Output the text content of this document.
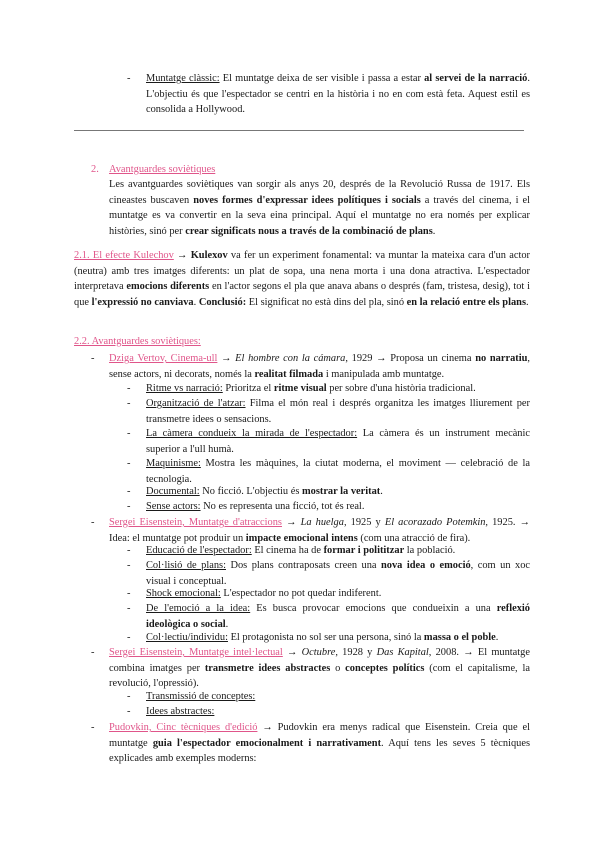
- Muntatge clàssic: El muntatge deixa de ser visible i passa a estar al servei de la narració. L'objectiu és que l'espectador se centri en la història i no en com està feta. Aquest estil es consolida a Hollywood.
2. Avantguardes soviètiques
Les avantguardes soviètiques van sorgir als anys 20, després de la Revolució Russa de 1917. Els cineastes buscaven noves formes d'expressar idees polítiques i socials a través del cinema, i el muntatge es va convertir en la seva eina principal. Aquí el muntatge no era només per explicar històries, sinó per crear significats nous a través de la combinació de plans.
2.1. El efecte Kulechov → Kulexov va fer un experiment fonamental: va muntar la mateixa cara d'un actor (neutra) amb tres imatges diferents: un plat de sopa, una nena morta i una dona atractiva. L'espectador interpretava emocions diferents en l'actor segons el pla que anava abans o després (fam, tristesa, desig), tot i que l'expressió no canviava. Conclusió: El significat no està dins del pla, sinó en la relació entre els plans.
2.2. Avantguardes soviètiques:
- Dziga Vertov, Cinema-ull → El hombre con la cámara, 1929 → Proposa un cinema no narratiu, sense actors, ni decorats, només la realitat filmada i manipulada amb muntatge.
- Ritme vs narració: Prioritza el ritme visual per sobre d'una història tradicional.
- Organització de l'atzar: Filma el món real i després organitza les imatges lliurement per transmetre idees o sensacions.
- La càmera condueix la mirada de l'espectador: La càmera és un instrument mecànic superior a l'ull humà.
- Maquinisme: Mostra les màquines, la ciutat moderna, el moviment — celebració de la tecnologia.
- Documental: No ficció. L'objectiu és mostrar la veritat.
- Sense actors: No es representa una ficció, tot és real.
- Sergei Eisenstein, Muntatge d'atraccions → La huelga, 1925 y El acorazado Potemkin, 1925. → Idea: el muntatge pot produir un impacte emocional intens (com una atracció de fira).
- Educació de l'espectador: El cinema ha de formar i polititzar la població.
- Col·lisió de plans: Dos plans contraposats creen una nova idea o emoció, com un xoc visual i conceptual.
- Shock emocional: L'espectador no pot quedar indiferent.
- De l'emoció a la idea: Es busca provocar emocions que condueixin a una reflexió ideològica o social.
- Col·lectiu/individu: El protagonista no sol ser una persona, sinó la massa o el poble.
- Sergei Eisenstein, Muntatge intel·lectual → Octubre, 1928 y Das Kapital, 2008. → El muntatge combina imatges per transmetre idees abstractes o conceptes polítics (com el capitalisme, la revolució, l'opressió).
- Transmissió de conceptes:
- Idees abstractes:
- Pudovkin, Cinc tècniques d'edició → Pudovkin era menys radical que Eisenstein. Creia que el muntatge guia l'espectador emocionalment i narrativament. Aquí tens les seves 5 tècniques explicades amb exemples moderns:
